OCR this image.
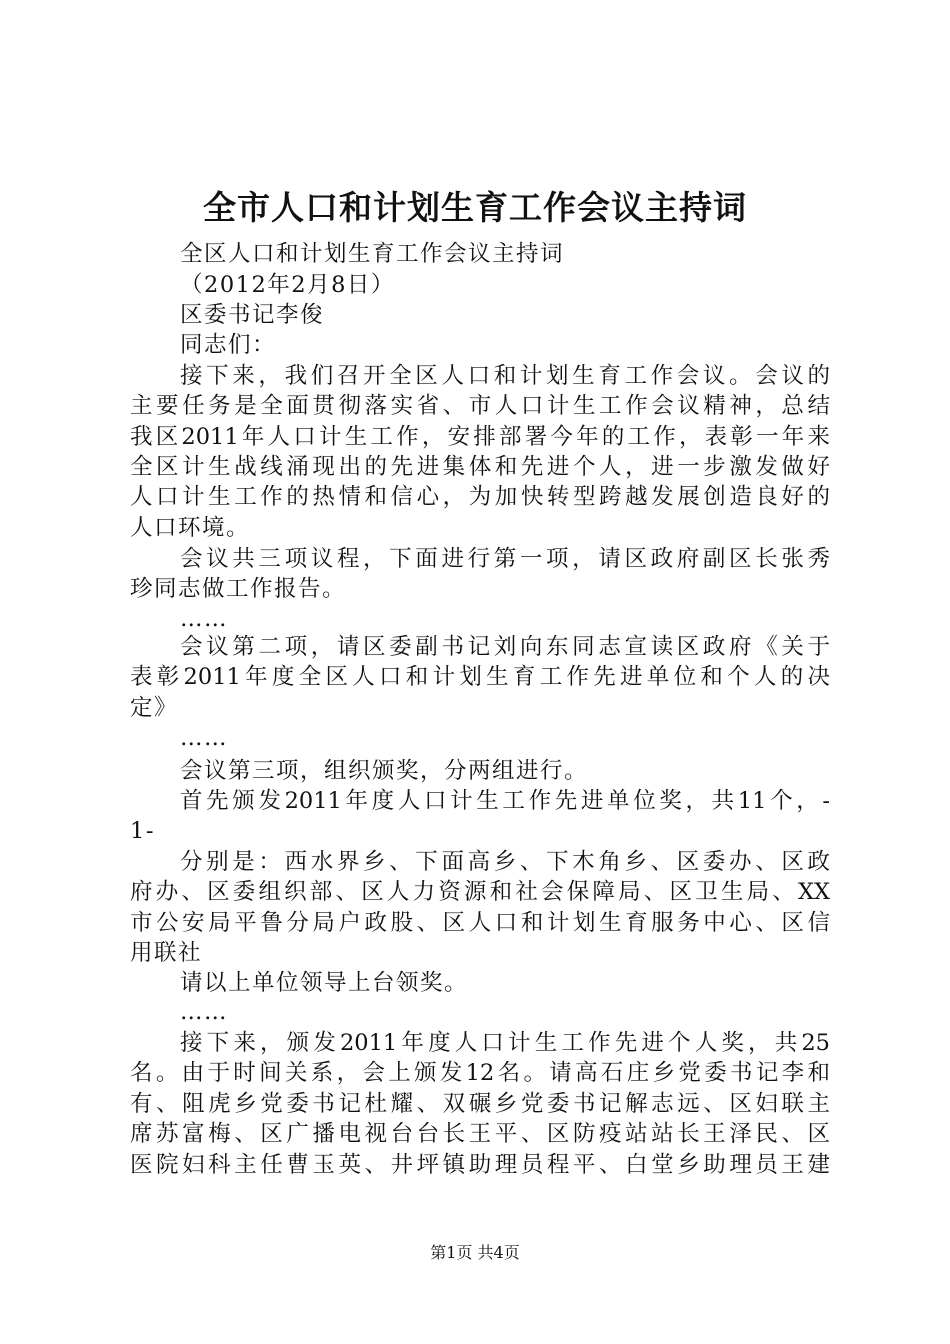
全市人口和计划生育工作会议主持词
全区人口和计划生育工作会议主持词
（2012年2月8日）
区委书记李俊
同志们：
接下来，我们召开全区人口和计划生育工作会议。会议的
主要任务是全面贯彻落实省、市人口计生工作会议精神，总结
我区2011年人口计生工作，安排部署今年的工作，表彰一年来
全区计生战线涌现出的先进集体和先进个人，进一步激发做好
人口计生工作的热情和信心，为加快转型跨越发展创造良好的
人口环境。
会议共三项议程，下面进行第一项，请区政府副区长张秀
珍同志做工作报告。
……
会议第二项，请区委副书记刘向东同志宣读区政府《关于
表彰2011年度全区人口和计划生育工作先进单位和个人的决
定》
……
会议第三项，组织颁奖，分两组进行。
首先颁发2011年度人口计生工作先进单位奖，共11个，-
1-
分别是：西水界乡、下面高乡、下木角乡、区委办、区政
府办、区委组织部、区人力资源和社会保障局、区卫生局、XX
市公安局平鲁分局户政股、区人口和计划生育服务中心、区信
用联社
请以上单位领导上台领奖。
……
接下来，颁发2011年度人口计生工作先进个人奖，共25
名。由于时间关系，会上颁发12名。请高石庄乡党委书记李和
有、阻虎乡党委书记杜耀、双碾乡党委书记解志远、区妇联主
席苏富梅、区广播电视台台长王平、区防疫站站长王泽民、区
医院妇科主任曹玉英、井坪镇助理员程平、白堂乡助理员王建
第1页 共4页
